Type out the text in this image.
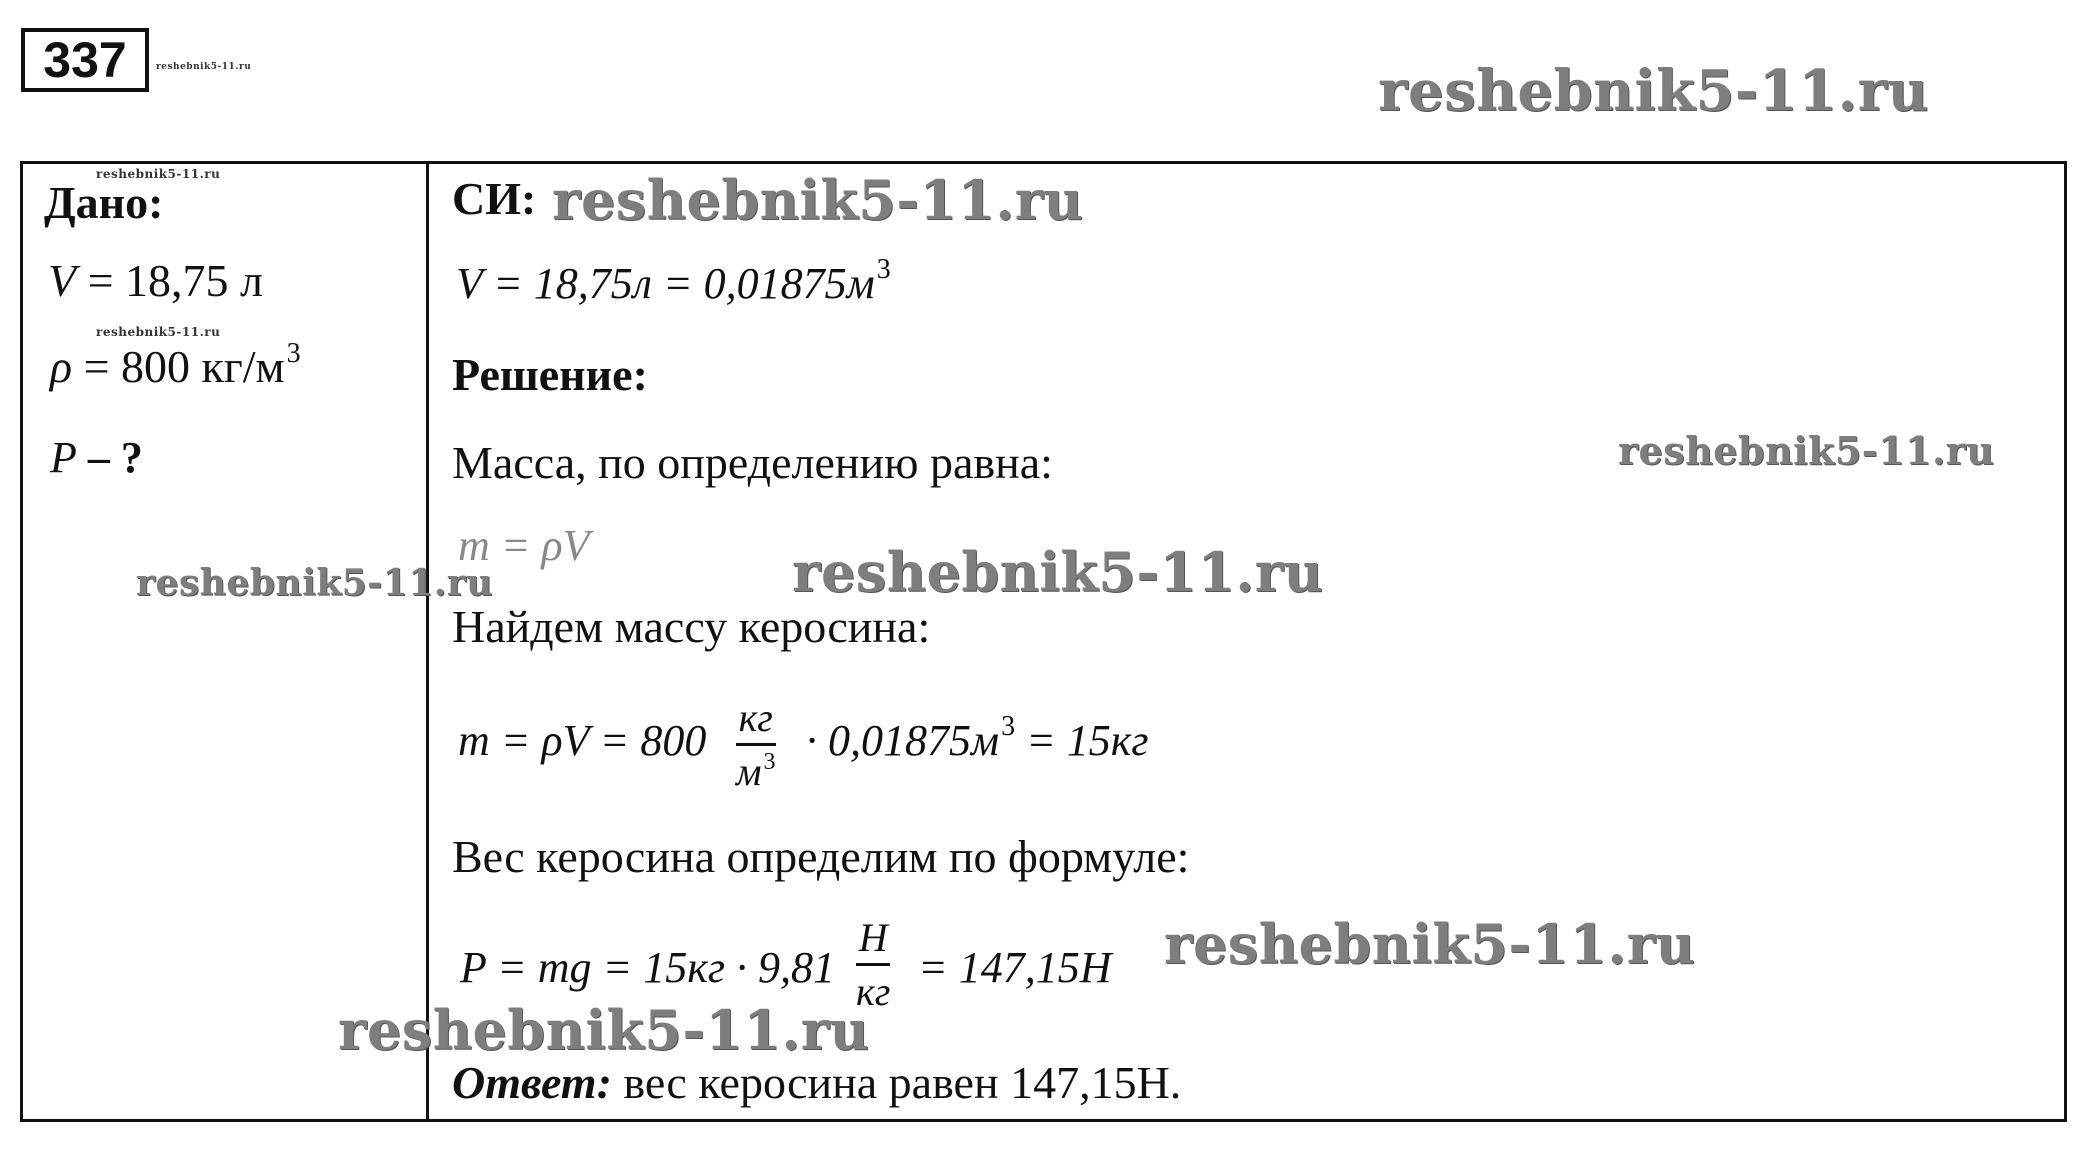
337	reshebnik5-11.ru	reshebnik5-11.ru
reshebnik5-11.ru
Дано:
V = 18,75 л
reshebnik5-11.ru
ρ = 800 $кг/м^3$
P – ?
reshebnik5-11.ru
СИ: reshebnik5-11.ru
$V = 18,75л = 0,01875м^3$
Решение:
Масса, по определению равна:	reshebnik5-11.ru
m = ρV	reshebnik5-11.ru
Найдем массу керосина:
m = ρV = 800 кг
$м^3 \cdot 0,01875м^3 = 15кг$
Вес керосина определим по формуле:
P = mg = 15кг · 9,81
Н
кг = 147,15Н reshebnik5-11.ru
reshebnik5-11.ru
Ответ: вес керосина равен 147,15Н.
